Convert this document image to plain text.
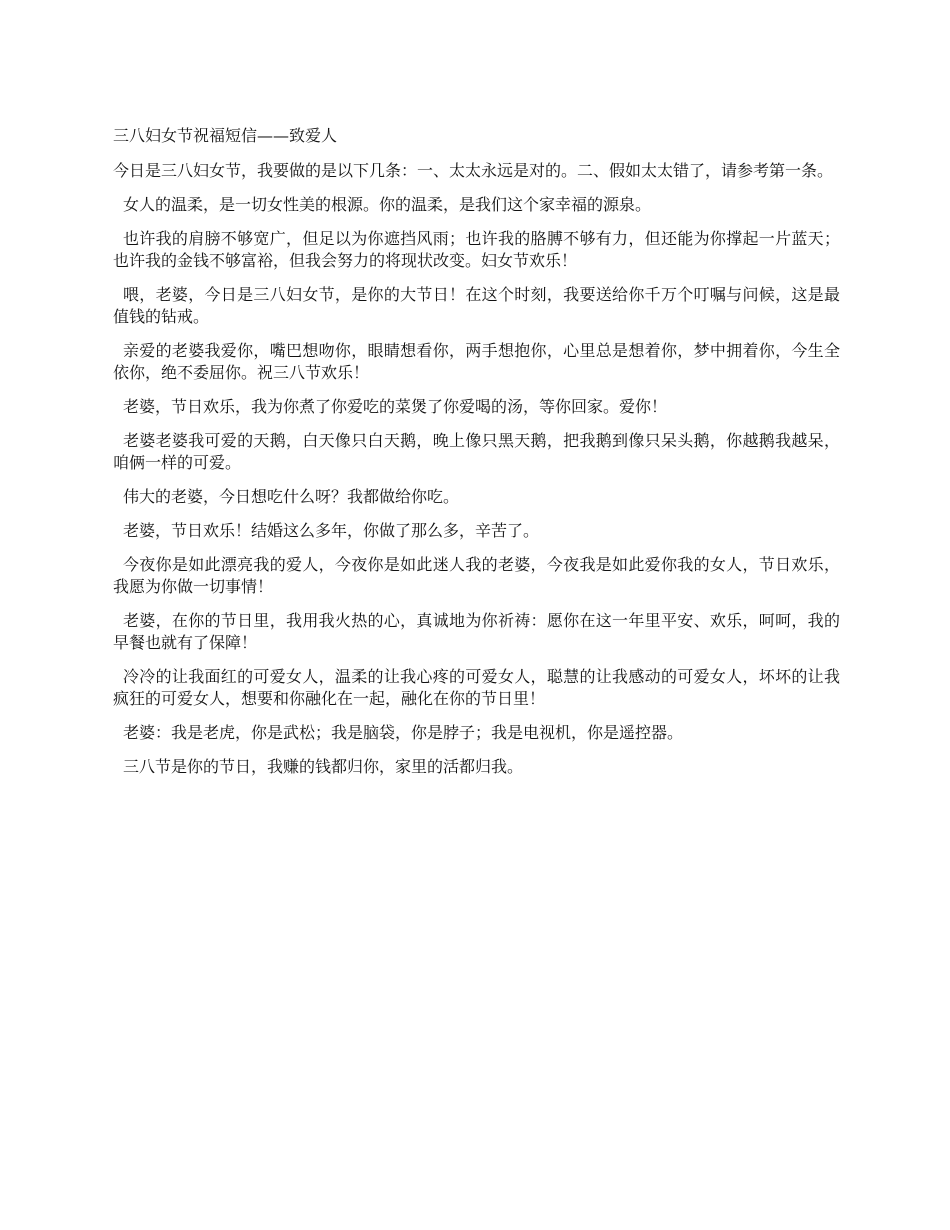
三八妇女节祝福短信——致爱人

今日是三八妇女节，我要做的是以下几条：一、太太永远是对的。二、假如太太错了，请参考第一条。

女人的温柔，是一切女性美的根源。你的温柔，是我们这个家幸福的源泉。

也许我的肩膀不够宽广，但足以为你遮挡风雨；也许我的胳膊不够有力，但还能为你撑起一片蓝天；也许我的金钱不够富裕，但我会努力的将现状改变。妇女节欢乐！

喂，老婆，今日是三八妇女节，是你的大节日！在这个时刻，我要送给你千万个叮嘱与问候，这是最值钱的钻戒。

亲爱的老婆我爱你，嘴巴想吻你，眼睛想看你，两手想抱你，心里总是想着你，梦中拥着你，今生全依你，绝不委屈你。祝三八节欢乐！

老婆，节日欢乐，我为你煮了你爱吃的菜煲了你爱喝的汤，等你回家。爱你！

老婆老婆我可爱的天鹅，白天像只白天鹅，晚上像只黑天鹅，把我鹅到像只呆头鹅，你越鹅我越呆，咱俩一样的可爱。

伟大的老婆，今日想吃什么呀？我都做给你吃。

老婆，节日欢乐！结婚这么多年，你做了那么多，辛苦了。

今夜你是如此漂亮我的爱人，今夜你是如此迷人我的老婆，今夜我是如此爱你我的女人，节日欢乐，我愿为你做一切事情！

老婆，在你的节日里，我用我火热的心，真诚地为你祈祷：愿你在这一年里平安、欢乐，呵呵，我的早餐也就有了保障！

冷冷的让我面红的可爱女人，温柔的让我心疼的可爱女人，聪慧的让我感动的可爱女人，坏坏的让我疯狂的可爱女人，想要和你融化在一起，融化在你的节日里！

老婆：我是老虎，你是武松；我是脑袋，你是脖子；我是电视机，你是遥控器。

三八节是你的节日，我赚的钱都归你，家里的活都归我。
